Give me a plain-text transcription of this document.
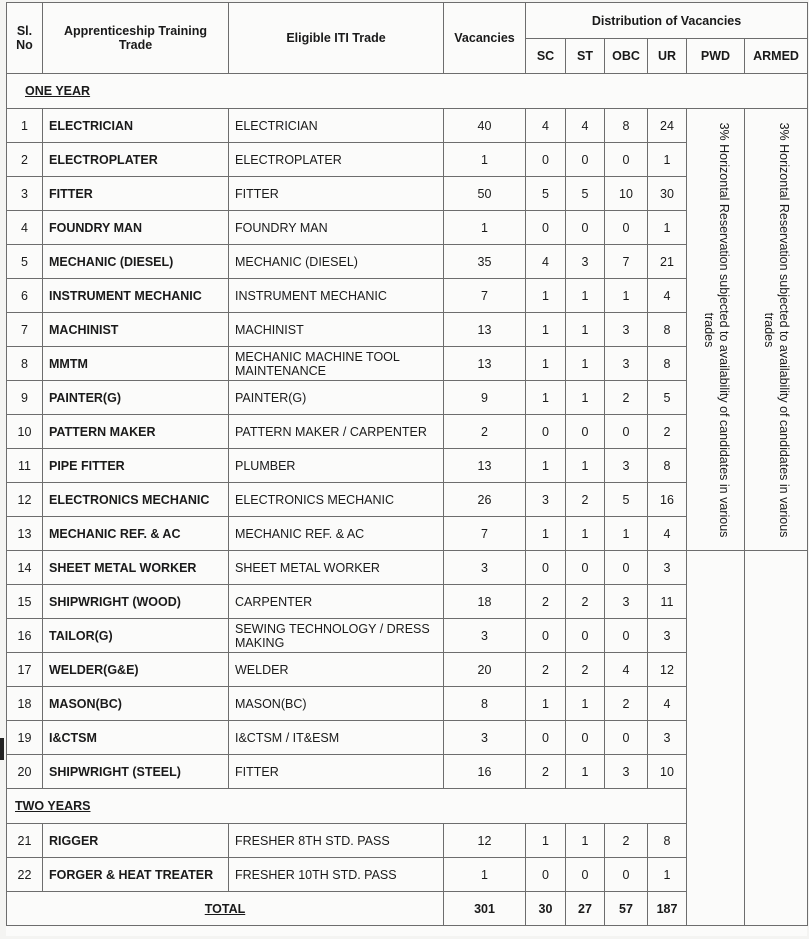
Sl. No	Apprenticeship Training Trade	Eligible ITI Trade	Vacancies	Distribution of Vacancies					
				SC	ST	OBC	UR	PWD	ARMED
ONE YEAR									
1	ELECTRICIAN	ELECTRICIAN	40	4	4	8	24	3% Horizontal Reservation subjected to availability of candidates in various trades	3% Horizontal Reservation subjected to availability of candidates in various trades

2	ELECTROPLATER	ELECTROPLATER	1	0	0	0	1		
3	FITTER	FITTER	50	5	5	10	30		
4	FOUNDRY MAN	FOUNDRY MAN	1	0	0	0	1		
5	MECHANIC (DIESEL)	MECHANIC (DIESEL)	35	4	3	7	21		
6	INSTRUMENT MECHANIC	INSTRUMENT MECHANIC	7	1	1	1	4		
7	MACHINIST	MACHINIST	13	1	1	3	8		
8	MMTM	MECHANIC MACHINE TOOL MAINTENANCE	13	1	1	3	8		
9	PAINTER(G)	PAINTER(G)	9	1	1	2	5		
10	PATTERN MAKER	PATTERN MAKER / CARPENTER	2	0	0	0	2		
11	PIPE FITTER	PLUMBER	13	1	1	3	8		
12	ELECTRONICS MECHANIC	ELECTRONICS MECHANIC	26	3	2	5	16		
13	MECHANIC REF. & AC	MECHANIC REF. & AC	7	1	1	1	4		
14	SHEET METAL WORKER	SHEET METAL WORKER	3	0	0	0	3		
15	SHIPWRIGHT (WOOD)	CARPENTER	18	2	2	3	11		
16	TAILOR(G)	SEWING TECHNOLOGY / DRESS MAKING	3	0	0	0	3		
17	WELDER(G&E)	WELDER	20	2	2	4	12		
18	MASON(BC)	MASON(BC)	8	1	1	2	4		
19	I&CTSM	I&CTSM / IT&ESM	3	0	0	0	3		
20	SHIPWRIGHT (STEEL)	FITTER	16	2	1	3	10		
TWO YEARS									
21	RIGGER	FRESHER 8TH STD. PASS	12	1	1	2	8		
22	FORGER & HEAT TREATER	FRESHER 10TH STD. PASS	1	0	0	0	1		
TOTAL			301	30	27	57	187		
